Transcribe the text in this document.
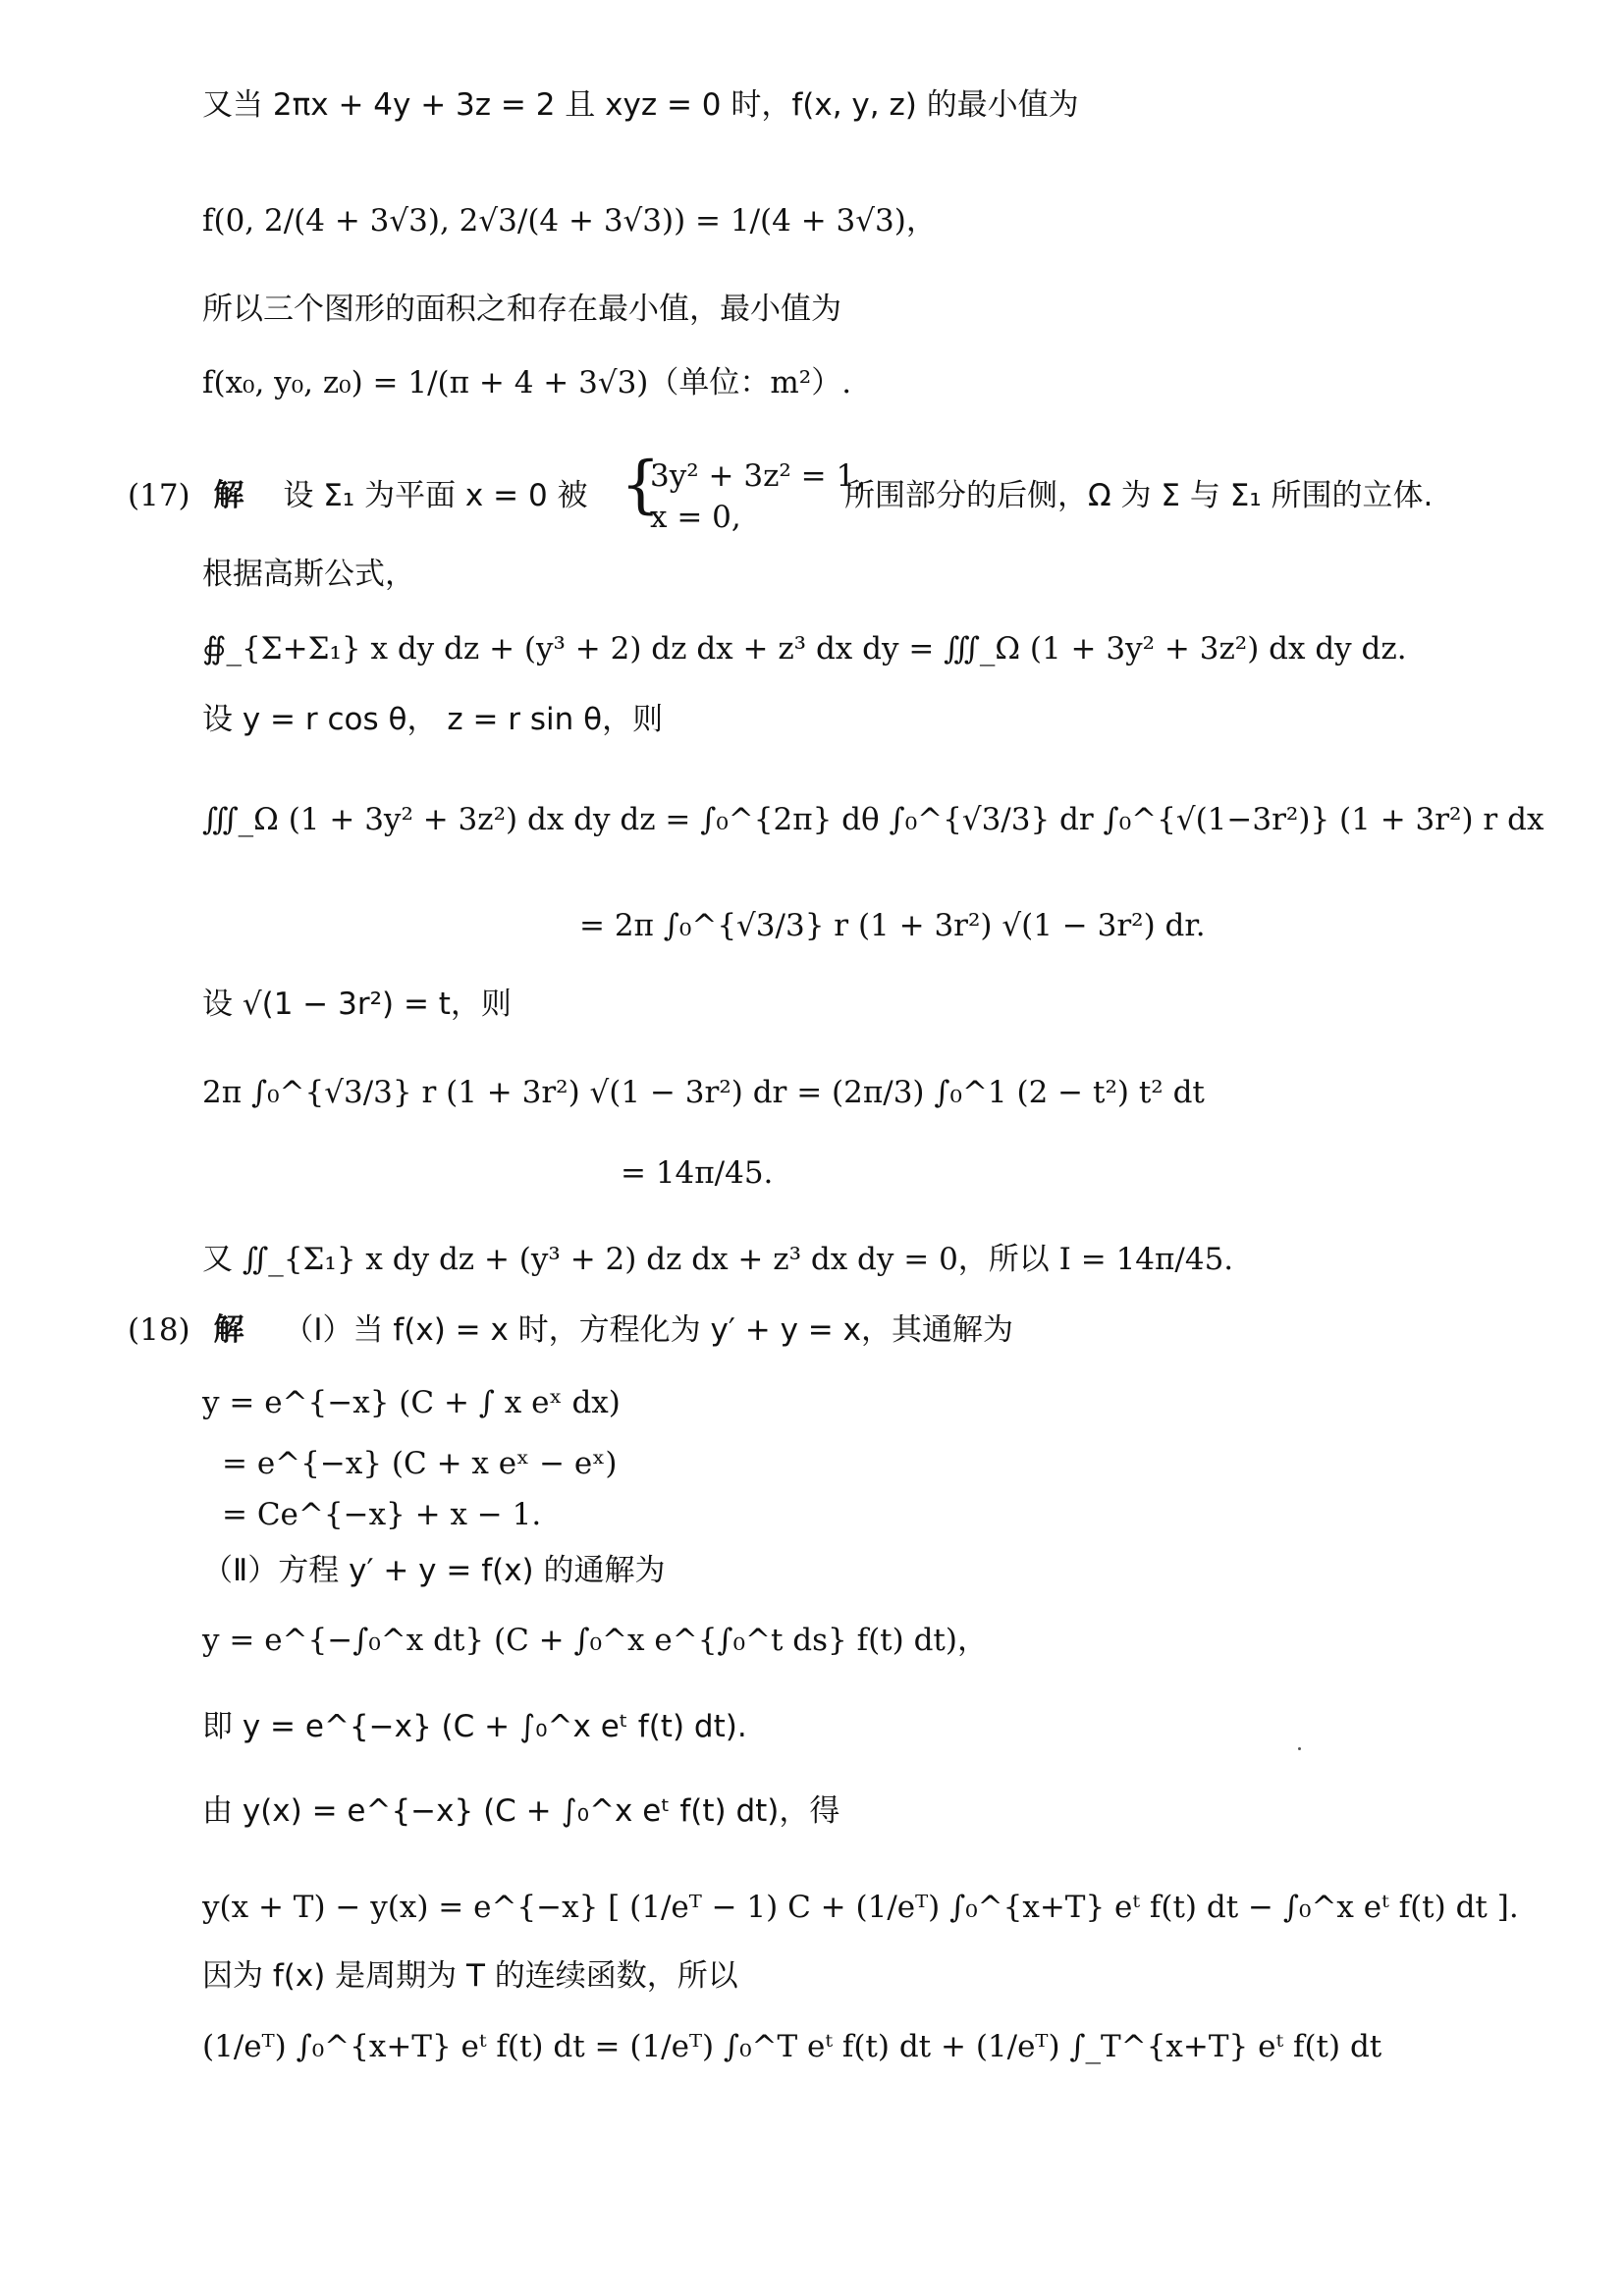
又当 2πx + 4y + 3z = 2 且 xyz = 0 时，f(x, y, z) 的最小值为
f(0, 2/(4 + 3√3), 2√3/(4 + 3√3)) = 1/(4 + 3√3)，
所以三个图形的面积之和存在最小值，最小值为
f(x₀, y₀, z₀) = 1/(π + 4 + 3√3)（单位：m²）.
(17) 解 设 Σ₁ 为平面 x = 0 被 {
3y² + 3z² = 1,
x = 0,
所围部分的后侧，Ω 为 Σ 与 Σ₁ 所围的立体.
根据高斯公式，
∯_{Σ+Σ₁} x dy dz + (y³ + 2) dz dx + z³ dx dy = ∭_Ω (1 + 3y² + 3z²) dx dy dz.
设 y = r cos θ， z = r sin θ，则
∭_Ω (1 + 3y² + 3z²) dx dy dz = ∫₀^{2π} dθ ∫₀^{√3/3} dr ∫₀^{√(1−3r²)} (1 + 3r²) r dx
= 2π ∫₀^{√3/3} r (1 + 3r²) √(1 − 3r²) dr.
设 √(1 − 3r²) = t，则
2π ∫₀^{√3/3} r (1 + 3r²) √(1 − 3r²) dr = (2π/3) ∫₀^1 (2 − t²) t² dt
= 14π/45.
又 ∬_{Σ₁} x dy dz + (y³ + 2) dz dx + z³ dx dy = 0，所以 I = 14π/45.
(18) 解 （Ⅰ）当 f(x) = x 时，方程化为 y′ + y = x，其通解为
y = e^{−x} (C + ∫ x eˣ dx)
= e^{−x} (C + x eˣ − eˣ)
= Ce^{−x} + x − 1.
（Ⅱ）方程 y′ + y = f(x) 的通解为
y = e^{−∫₀^x dt} (C + ∫₀^x e^{∫₀^t ds} f(t) dt)，
即 y = e^{−x} (C + ∫₀^x eᵗ f(t) dt).
由 y(x) = e^{−x} (C + ∫₀^x eᵗ f(t) dt)，得
y(x + T) − y(x) = e^{−x} [ (1/eᵀ − 1) C + (1/eᵀ) ∫₀^{x+T} eᵗ f(t) dt − ∫₀^x eᵗ f(t) dt ].
因为 f(x) 是周期为 T 的连续函数，所以
(1/eᵀ) ∫₀^{x+T} eᵗ f(t) dt = (1/eᵀ) ∫₀^T eᵗ f(t) dt + (1/eᵀ) ∫_T^{x+T} eᵗ f(t) dt
